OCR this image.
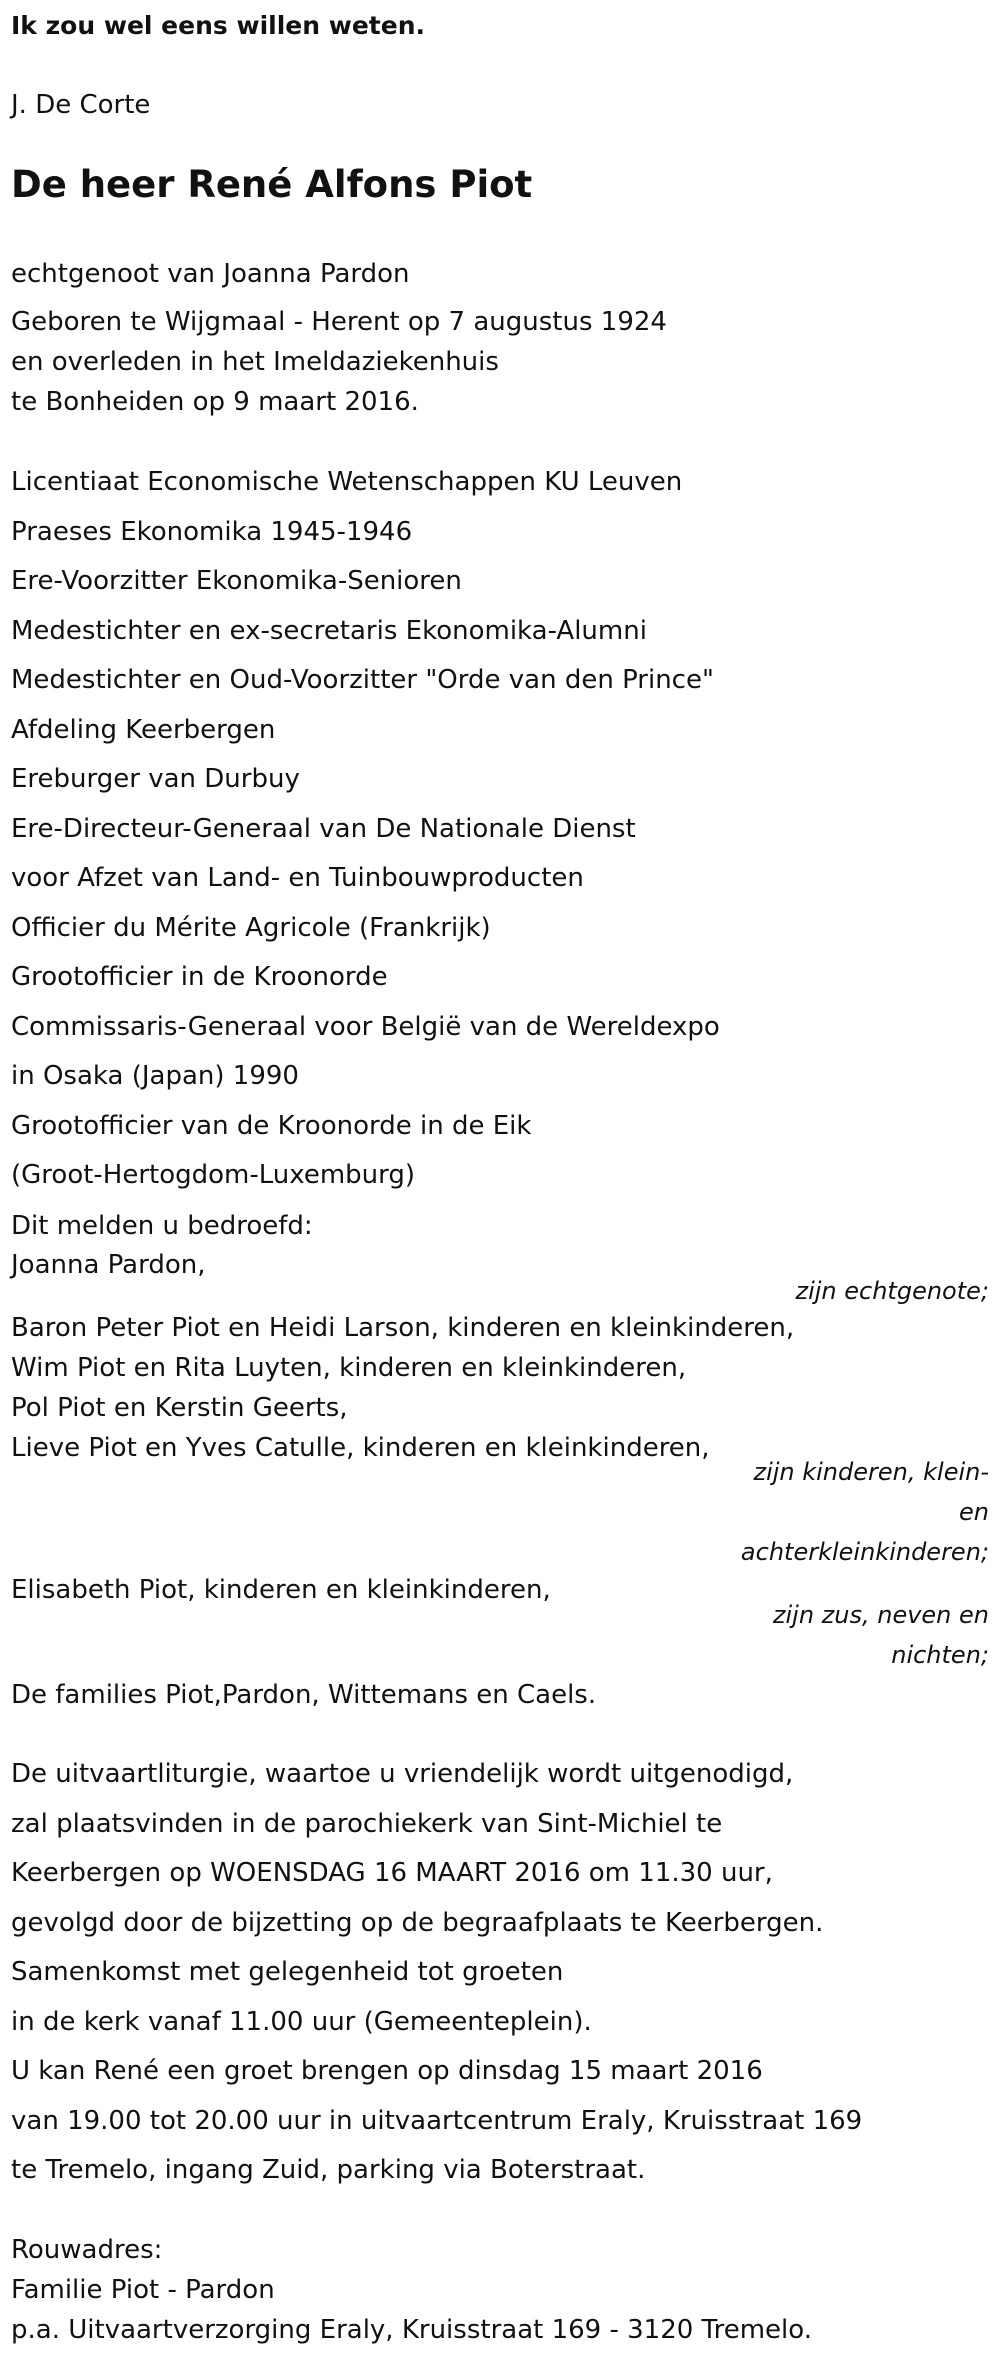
Ik zou wel eens willen weten.
J. De Corte
De heer René Alfons Piot
echtgenoot van Joanna Pardon
Geboren te Wijgmaal - Herent op 7 augustus 1924
en overleden in het Imeldaziekenhuis
te Bonheiden op 9 maart 2016.
Licentiaat Economische Wetenschappen KU Leuven
Praeses Ekonomika 1945-1946
Ere-Voorzitter Ekonomika-Senioren
Medestichter en ex-secretaris Ekonomika-Alumni
Medestichter en Oud-Voorzitter "Orde van den Prince"
Afdeling Keerbergen
Ereburger van Durbuy
Ere-Directeur-Generaal van De Nationale Dienst
voor Afzet van Land- en Tuinbouwproducten
Officier du Mérite Agricole (Frankrijk)
Grootofficier in de Kroonorde
Commissaris-Generaal voor België van de Wereldexpo
in Osaka (Japan) 1990
Grootofficier van de Kroonorde in de Eik
(Groot-Hertogdom-Luxemburg)
Dit melden u bedroefd:
Joanna Pardon,
zijn echtgenote;
Baron Peter Piot en Heidi Larson, kinderen en kleinkinderen,
Wim Piot en Rita Luyten, kinderen en kleinkinderen,
Pol Piot en Kerstin Geerts,
Lieve Piot en Yves Catulle, kinderen en kleinkinderen,
zijn kinderen, klein-
en
achterkleinkinderen;
Elisabeth Piot, kinderen en kleinkinderen,
zijn zus, neven en
nichten;
De families Piot,Pardon, Wittemans en Caels.
De uitvaartliturgie, waartoe u vriendelijk wordt uitgenodigd,
zal plaatsvinden in de parochiekerk van Sint-Michiel te
Keerbergen op WOENSDAG 16 MAART 2016 om 11.30 uur,
gevolgd door de bijzetting op de begraafplaats te Keerbergen.
Samenkomst met gelegenheid tot groeten
in de kerk vanaf 11.00 uur (Gemeenteplein).
U kan René een groet brengen op dinsdag 15 maart 2016
van 19.00 tot 20.00 uur in uitvaartcentrum Eraly, Kruisstraat 169
te Tremelo, ingang Zuid, parking via Boterstraat.
Rouwadres:
Familie Piot - Pardon
p.a. Uitvaartverzorging Eraly, Kruisstraat 169 - 3120 Tremelo.
